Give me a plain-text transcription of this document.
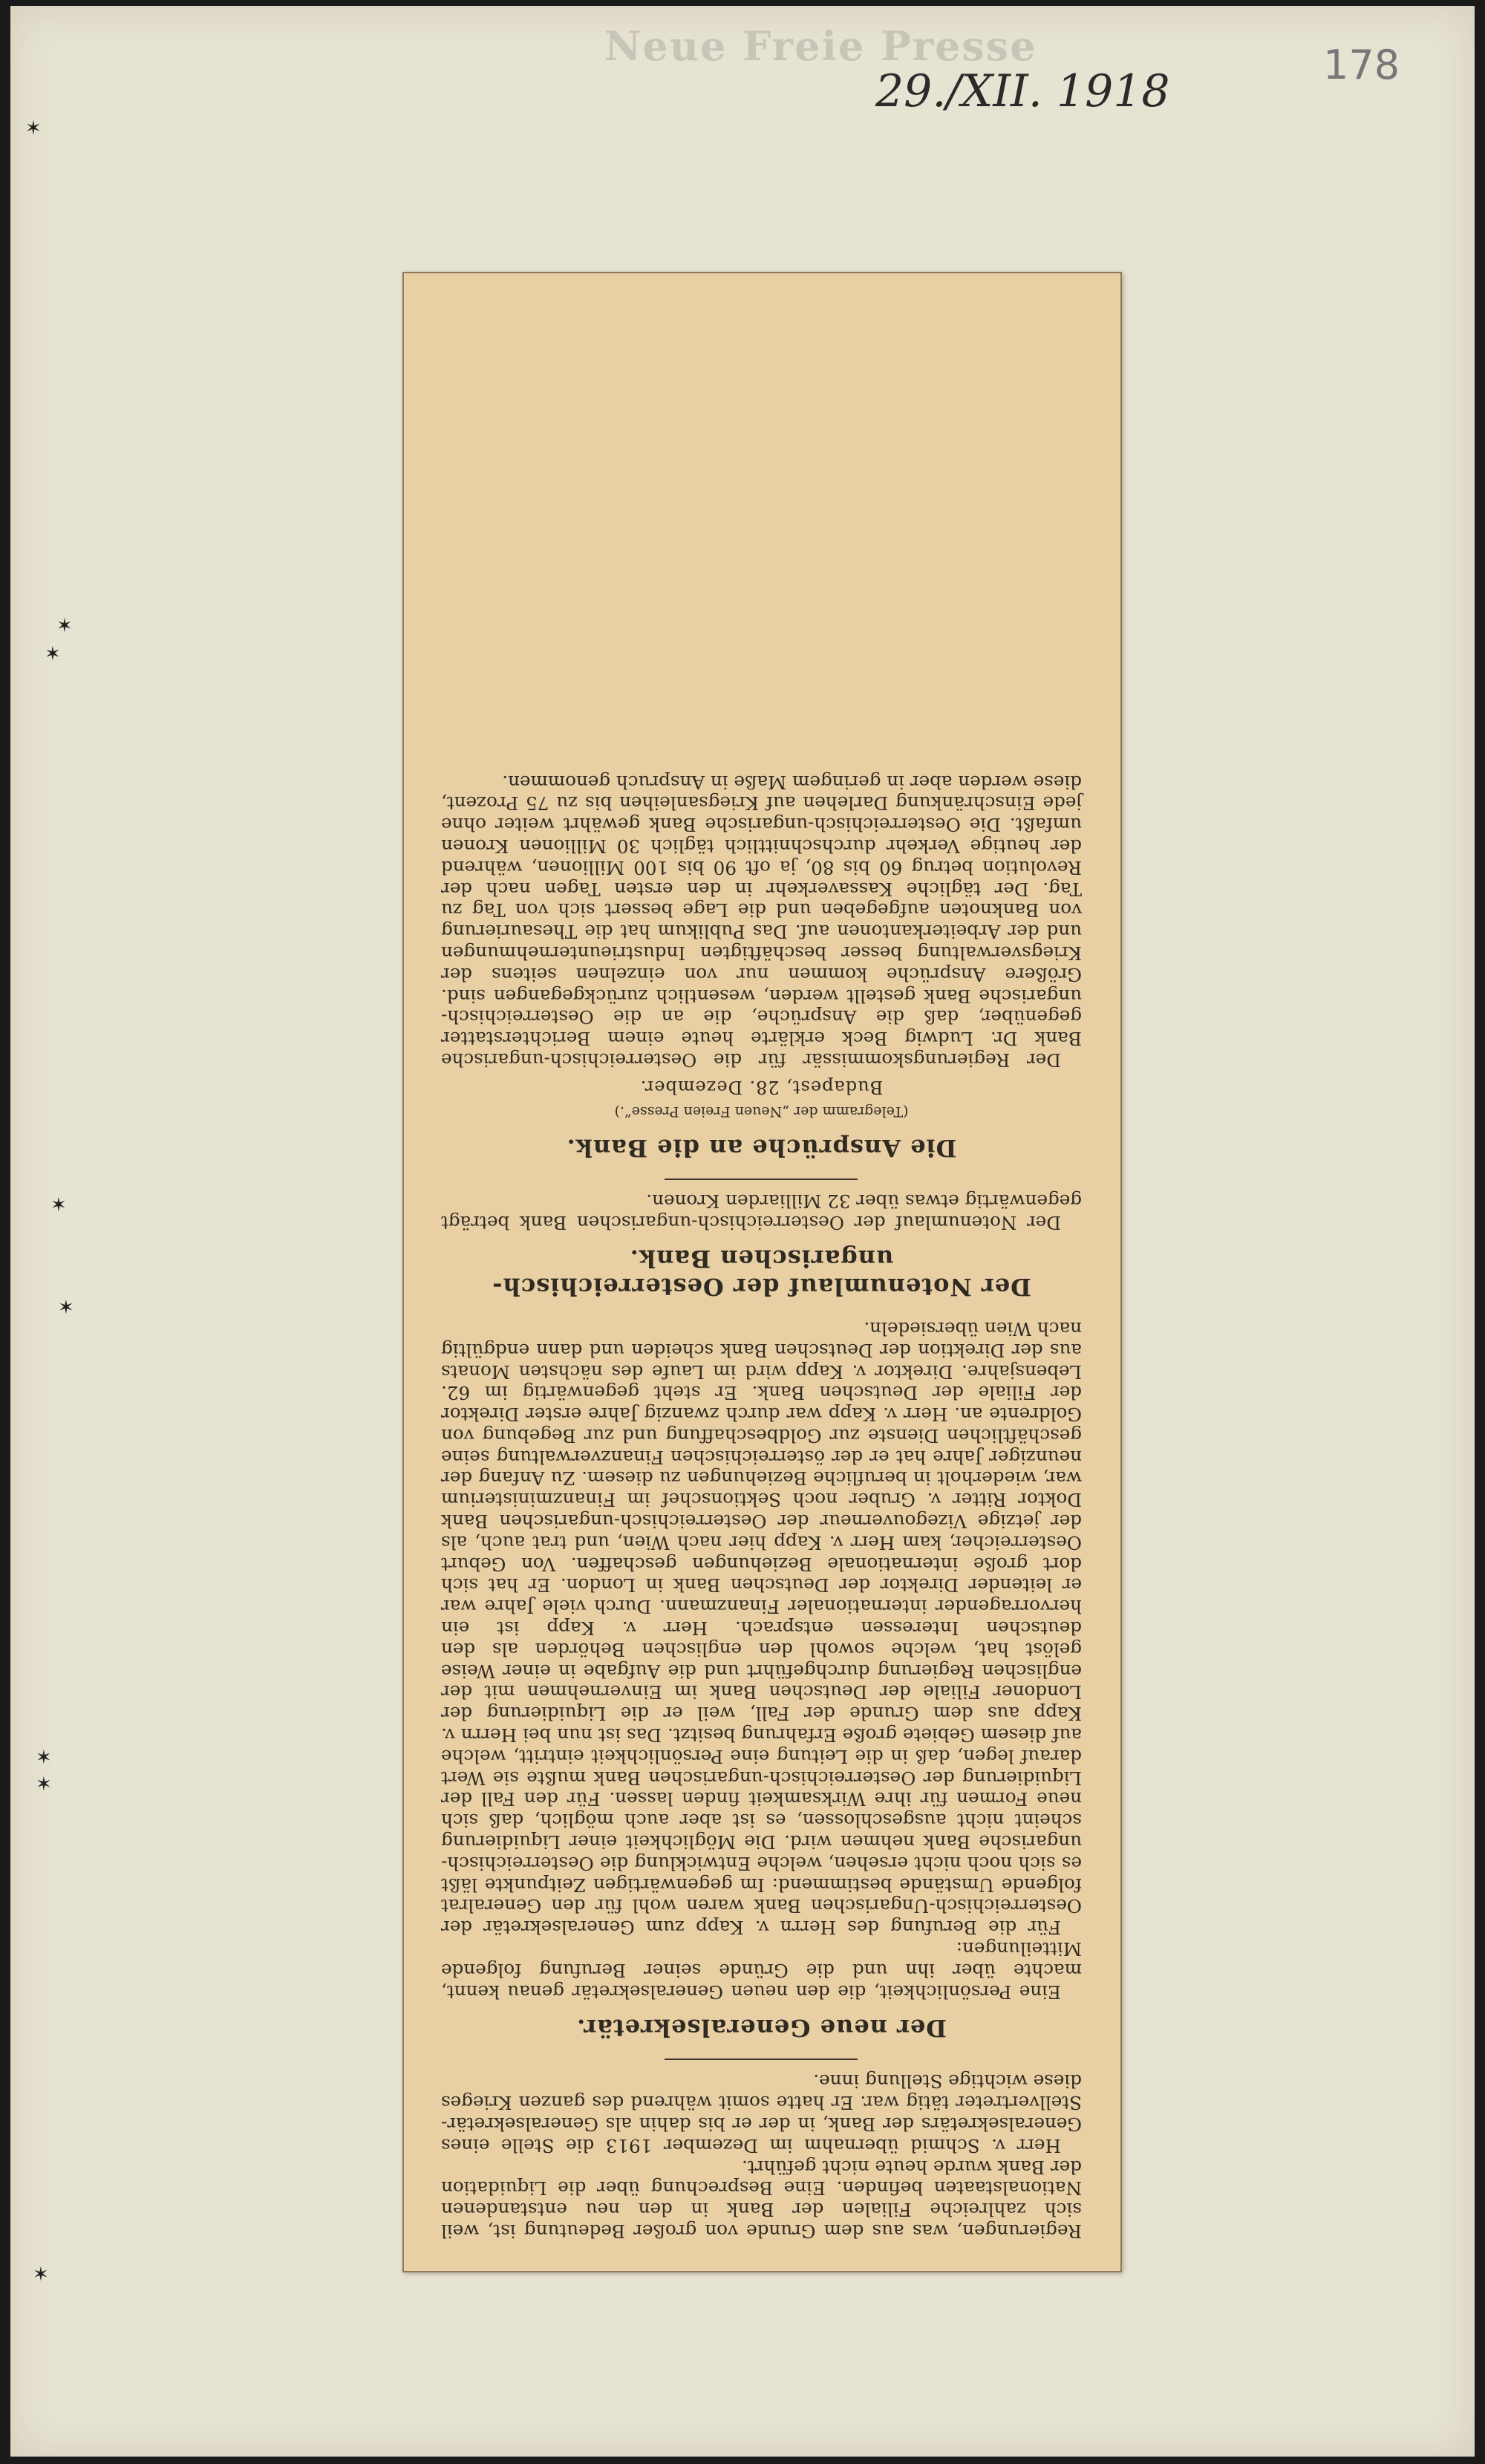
Neue Freie Presse
29./XII. 1918
178
✶
✶
✶
✶
✶
✶
✶
✶

Regierungen, was aus dem Grunde von großer Bedeutung ist, weil sich zahlreiche Filialen der Bank in den neu entstandenen Nationalstaaten befinden. Eine Besprechung über die Liquidation der Bank wurde heute nicht geführt.

Herr v. Schmid übernahm im Dezember 1913 die Stelle eines Generalsekretärs der Bank, in der er bis dahin als Generalsekretär-Stellvertreter tätig war. Er hatte somit während des ganzen Krieges diese wichtige Stellung inne.

Der neue Generalsekretär.

Eine Persönlichkeit, die den neuen Generalsekretär genau kennt, machte über ihn und die Gründe seiner Berufung folgende Mitteilungen:

Für die Berufung des Herrn v. Kapp zum Generalsekretär der Oesterreichisch-Ungarischen Bank waren wohl für den Generalrat folgende Umstände bestimmend: Im gegenwärtigen Zeitpunkte läßt es sich noch nicht ersehen, welche Entwicklung die Oesterreichisch-ungarische Bank nehmen wird. Die Möglichkeit einer Liquidierung scheint nicht ausgeschlossen, es ist aber auch möglich, daß sich neue Formen für ihre Wirksamkeit finden lassen. Für den Fall der Liquidierung der Oesterreichisch-ungarischen Bank mußte sie Wert darauf legen, daß in die Leitung eine Persönlichkeit eintritt, welche auf diesem Gebiete große Erfahrung besitzt. Das ist nun bei Herrn v. Kapp aus dem Grunde der Fall, weil er die Liquidierung der Londoner Filiale der Deutschen Bank im Einvernehmen mit der englischen Regierung durchgeführt und die Aufgabe in einer Weise gelöst hat, welche sowohl den englischen Behörden als den deutschen Interessen entsprach. Herr v. Kapp ist ein hervorragender internationaler Finanzmann. Durch viele Jahre war er leitender Direktor der Deutschen Bank in London. Er hat sich dort große internationale Beziehungen geschaffen. Von Geburt Oesterreicher, kam Herr v. Kapp hier nach Wien, und trat auch, als der jetzige Vizegouverneur der Oesterreichisch-ungarischen Bank Doktor Ritter v. Gruber noch Sektionschef im Finanzministerium war, wiederholt in berufliche Beziehungen zu diesem. Zu Anfang der neunziger Jahre hat er der österreichischen Finanzverwaltung seine geschäftlichen Dienste zur Goldbeschaffung und zur Begebung von Goldrente an. Herr v. Kapp war durch zwanzig Jahre erster Direktor der Filiale der Deutschen Bank. Er steht gegenwärtig im 62. Lebensjahre. Direktor v. Kapp wird im Laufe des nächsten Monats aus der Direktion der Deutschen Bank scheiden und dann endgültig nach Wien übersiedeln.

Der Notenumlauf der Oesterreichisch-ungarischen Bank.

Der Notenumlauf der Oesterreichisch-ungarischen Bank beträgt gegenwärtig etwas über 32 Milliarden Kronen.

Die Ansprüche an die Bank.

(Telegramm der „Neuen Freien Presse“.)

Budapest, 28. Dezember.

Der Regierungskommissär für die Oesterreichisch-ungarische Bank Dr. Ludwig Beck erklärte heute einem Berichterstatter gegenüber, daß die Ansprüche, die an die Oesterreichisch-ungarische Bank gestellt werden, wesentlich zurückgegangen sind. Größere Ansprüche kommen nur von einzelnen seitens der Kriegsverwaltung besser beschäftigten Industrieunternehmungen und der Arbeiterkantonen auf. Das Publikum hat die Thesaurierung von Banknoten aufgegeben und die Lage bessert sich von Tag zu Tag. Der tägliche Kassaverkehr in den ersten Tagen nach der Revolution betrug 60 bis 80, ja oft 90 bis 100 Millionen, während der heutige Verkehr durchschnittlich täglich 30 Millionen Kronen umfaßt. Die Oesterreichisch-ungarische Bank gewährt weiter ohne jede Einschränkung Darlehen auf Kriegsanleihen bis zu 75 Prozent, diese werden aber in geringem Maße in Anspruch genommen.
